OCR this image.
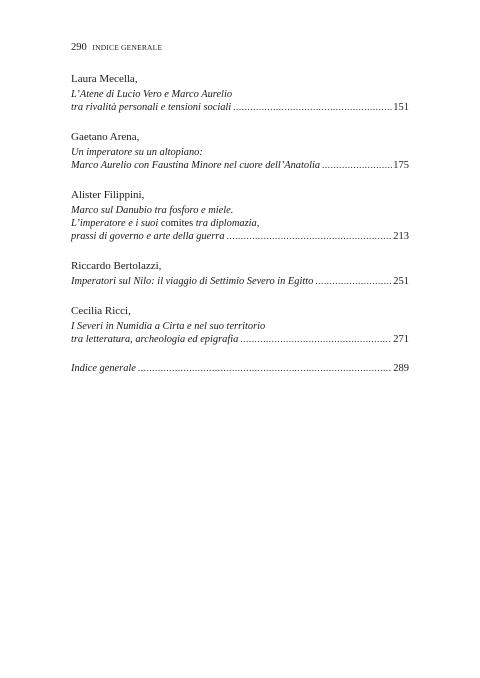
290 INDICE GENERALE
Laura Mecella,
L’Atene di Lucio Vero e Marco Aurelio
tra rivalità personali e tensioni sociali .....	151
Gaetano Arena,
Un imperatore su un altopiano:
Marco Aurelio con Faustina Minore nel cuore dell’Anatolia .....	175
Alister Filippini,
Marco sul Danubio tra fosforo e miele.
L’imperatore e i suoi comites tra diplomazia,
prassi di governo e arte della guerra .....	213
Riccardo Bertolazzi,
Imperatori sul Nilo: il viaggio di Settimio Severo in Egitto .....	251
Cecilia Ricci,
I Severi in Numidia a Cirta e nel suo territorio
tra letteratura, archeologia ed epigrafia .....	271
Indice generale .....	289
